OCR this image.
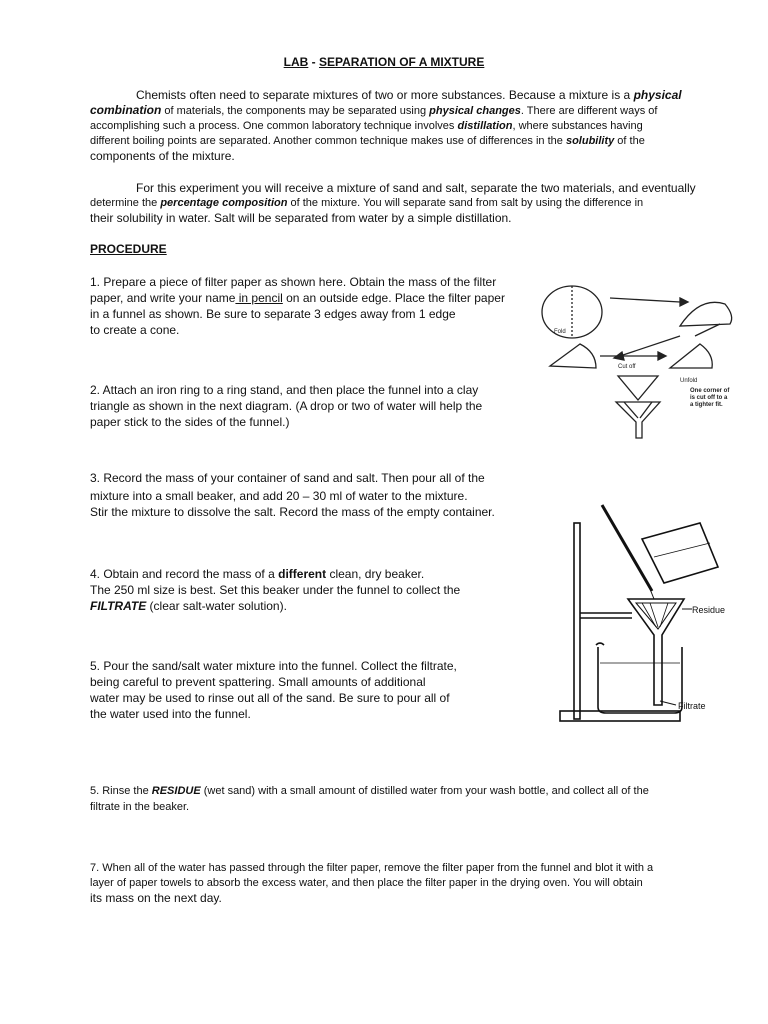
LAB - SEPARATION OF A MIXTURE
Chemists often need to separate mixtures of two or more substances. Because a mixture is a physical
combination of materials, the components may be separated using physical changes. There are different ways of
accomplishing such a process. One common laboratory technique involves distillation, where substances having
different boiling points are separated. Another common technique makes use of differences in the solubility of the
components of the mixture.
For this experiment you will receive a mixture of sand and salt, separate the two materials, and eventually
determine the percentage composition of the mixture. You will separate sand from salt by using the difference in
their solubility in water. Salt will be separated from water by a simple distillation.
PROCEDURE
1. Prepare a piece of filter paper as shown here. Obtain the mass of the filter
paper, and write your name in pencil on an outside edge. Place the filter paper
in a funnel as shown. Be sure to separate 3 edges away from 1 edge
to create a cone.
2. Attach an iron ring to a ring stand, and then place the funnel into a clay
triangle as shown in the next diagram. (A drop or two of water will help the
paper stick to the sides of the funnel.)
3. Record the mass of your container of sand and salt. Then pour all of the
mixture into a small beaker, and add 20 – 30 ml of water to the mixture.
Stir the mixture to dissolve the salt. Record the mass of the empty container.
4. Obtain and record the mass of a different clean, dry beaker.
The 250 ml size is best. Set this beaker under the funnel to collect the
FILTRATE (clear salt-water solution).
5. Pour the sand/salt water mixture into the funnel. Collect the filtrate,
being careful to prevent spattering. Small amounts of additional
water may be used to rinse out all of the sand. Be sure to pour all of
the water used into the funnel.
5. Rinse the RESIDUE (wet sand) with a small amount of distilled water from your wash bottle, and collect all of the
filtrate in the beaker.
7. When all of the water has passed through the filter paper, remove the filter paper from the funnel and blot it with a
layer of paper towels to absorb the excess water, and then place the filter paper in the drying oven. You will obtain
its mass on the next day.
Fold
Cut off
Unfold
One corner of
is cut off to a
a tighter fit.
Residue
Filtrate
